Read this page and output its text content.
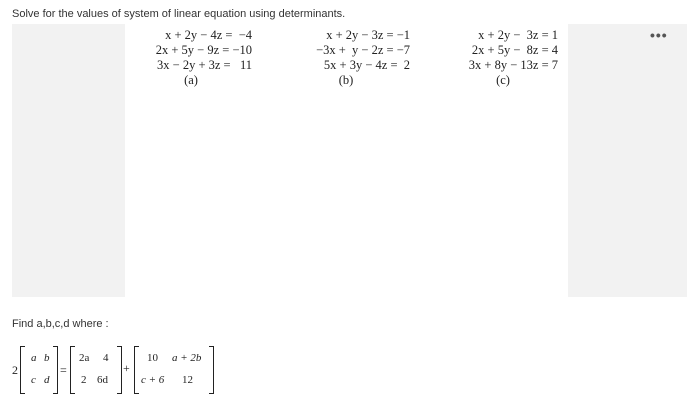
Solve for the values of system of linear equation using determinants.
•••
x + 2y − 4z =  −4
2x + 5y − 9z = −10
3x − 2y + 3z =   11
(a)
x + 2y − 3z = −1
−3x +  y − 2z = −7
5x + 3y − 4z =  2
(b)
x + 2y −  3z = 1
2x + 5y −  8z = 4
3x + 8y − 13z = 7
(c)
Find a,b,c,d where :
2
a b
c d
=
2a 4
2 6d
+
10 a + 2b
c + 6 12
